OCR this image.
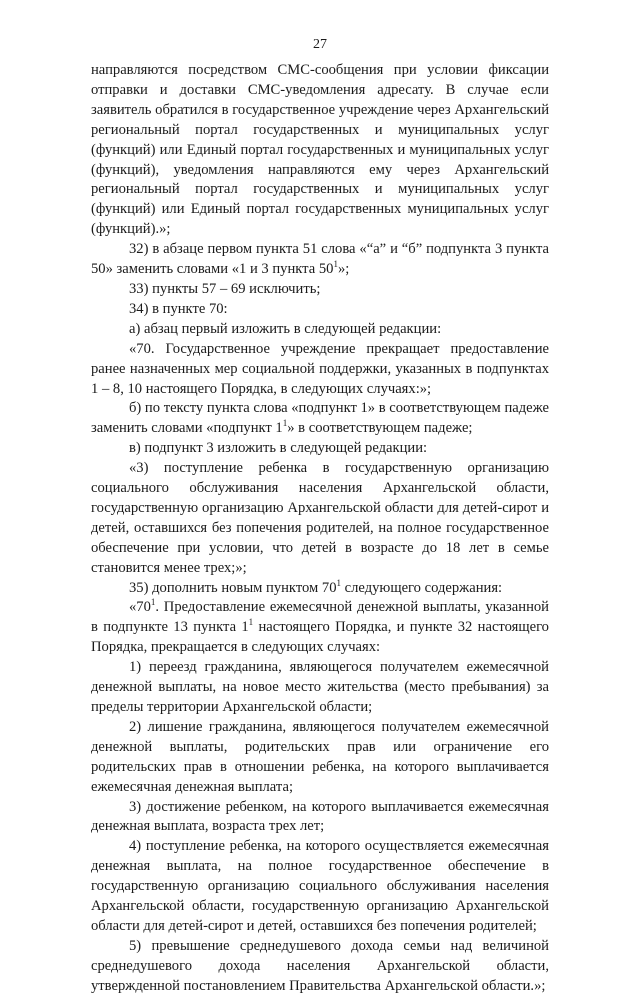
27

направляются посредством СМС-сообщения при условии фиксации отправки и доставки СМС-уведомления адресату. В случае если заявитель обратился в государственное учреждение через Архангельский региональный портал государственных и муниципальных услуг (функций) или Единый портал государственных и муниципальных услуг (функций), уведомления направляются ему через Архангельский региональный портал государственных и муниципальных услуг (функций) или Единый портал государственных муниципальных услуг (функций).»;

32) в абзаце первом пункта 51 слова «“а” и “б” подпункта 3 пункта 50» заменить словами «1 и 3 пункта $50^1$»;

33) пункты 57 – 69 исключить;

34) в пункте 70:

а) абзац первый изложить в следующей редакции:

«70. Государственное учреждение прекращает предоставление ранее назначенных мер социальной поддержки, указанных в подпунктах 1 – 8, 10 настоящего Порядка, в следующих случаях:»;

б) по тексту пункта слова «подпункт 1» в соответствующем падеже заменить словами «подпункт $1^1$» в соответствующем падеже;

в) подпункт 3 изложить в следующей редакции:

«3) поступление ребенка в государственную организацию социального обслуживания населения Архангельской области, государственную организацию Архангельской области для детей-сирот и детей, оставшихся без попечения родителей, на полное государственное обеспечение при условии, что детей в возрасте до 18 лет в семье становится менее трех;»;

35) дополнить новым пунктом $70^1$ следующего содержания:

«$70^1$. Предоставление ежемесячной денежной выплаты, указанной в подпункте 13 пункта $1^1$ настоящего Порядка, и пункте 32 настоящего Порядка, прекращается в следующих случаях:

1) переезд гражданина, являющегося получателем ежемесячной денежной выплаты, на новое место жительства (место пребывания) за пределы территории Архангельской области;

2) лишение гражданина, являющегося получателем ежемесячной денежной выплаты, родительских прав или ограничение его родительских прав в отношении ребенка, на которого выплачивается ежемесячная денежная выплата;

3) достижение ребенком, на которого выплачивается ежемесячная денежная выплата, возраста трех лет;

4) поступление ребенка, на которого осуществляется ежемесячная денежная выплата, на полное государственное обеспечение в государственную организацию социального обслуживания населения Архангельской области, государственную организацию Архангельской области для детей-сирот и детей, оставшихся без попечения родителей;

5) превышение среднедушевого дохода семьи над величиной среднедушевого дохода населения Архангельской области, утвержденной постановлением Правительства Архангельской области.»;
